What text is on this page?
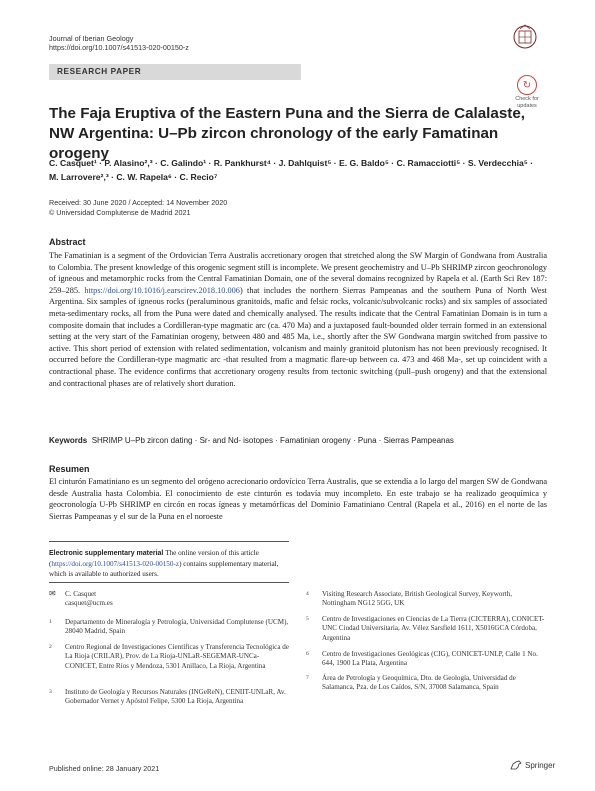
Journal of Iberian Geology
https://doi.org/10.1007/s41513-020-00150-z
↻
Check for
updates
RESEARCH PAPER
The Faja Eruptiva of the Eastern Puna and the Sierra de Calalaste, NW Argentina: U–Pb zircon chronology of the early Famatinan orogeny
C. Casquet¹ · P. Alasino²,³ · C. Galindo¹ · R. Pankhurst⁴ · J. Dahlquist⁵ · E. G. Baldo⁵ · C. Ramacciotti⁵ · S. Verdecchia⁵ ·
M. Larrovere²,³ · C. W. Rapela⁶ · C. Recio⁷
Received: 30 June 2020 / Accepted: 14 November 2020
© Universidad Complutense de Madrid 2021
Abstract
The Famatinian is a segment of the Ordovician Terra Australis accretionary orogen that stretched along the SW Margin of Gondwana from Australia to Colombia. The present knowledge of this orogenic segment still is incomplete. We present geochemistry and U–Pb SHRIMP zircon geochronology of igneous and metamorphic rocks from the Central Famatinian Domain, one of the several domains recognized by Rapela et al. (Earth Sci Rev 187: 259–285. https://doi.org/10.1016/j.earscirev.2018.10.006) that includes the northern Sierras Pampeanas and the southern Puna of North West Argentina. Six samples of igneous rocks (peraluminous granitoids, mafic and felsic rocks, volcanic/subvolcanic rocks) and six samples of associated meta-sedimentary rocks, all from the Puna were dated and chemically analysed. The results indicate that the Central Famatinian Domain is in turn a composite domain that includes a Cordilleran-type magmatic arc (ca. 470 Ma) and a juxtaposed fault-bounded older terrain formed in an extensional setting at the very start of the Famatinian orogeny, between 480 and 485 Ma, i.e., shortly after the SW Gondwana margin switched from passive to active. This short period of extension with related sedimentation, volcanism and mainly granitoid plutonism has not been previously recognised. It occurred before the Cordilleran-type magmatic arc -that resulted from a magmatic flare-up between ca. 473 and 468 Ma-, set up coincident with a contractional phase. The evidence confirms that accretionary orogeny results from tectonic switching (pull–push orogeny) and that the extensional and contractional phases are of relatively short duration.
Keywords SHRIMP U–Pb zircon dating · Sr- and Nd- isotopes · Famatinian orogeny · Puna · Sierras Pampeanas
Resumen
El cinturón Famatiniano es un segmento del orógeno acrecionario ordovícico Terra Australis, que se extendía a lo largo del margen SW de Gondwana desde Australia hasta Colombia. El conocimiento de este cinturón es todavía muy incompleto. En este trabajo se ha realizado geoquímica y geocronología U-Pb SHRIMP en circón en rocas ígneas y metamórficas del Dominio Famatiniano Central (Rapela et al., 2016) en el norte de las Sierras Pampeanas y el sur de la Puna en el noroeste
Electronic supplementary material The online version of this article (https://doi.org/10.1007/s41513-020-00150-z) contains supplementary material, which is available to authorized users.
✉ C. Casquet
casquet@ucm.es
1 Departamento de Mineralogía y Petrología, Universidad Complutense (UCM), 28040 Madrid, Spain
2 Centro Regional de Investigaciones Científicas y Transferencia Tecnológica de La Rioja (CRILAR), Prov. de La Rioja-UNLaR-SEGEMAR-UNCa-CONICET, Entre Ríos y Mendoza, 5301 Anillaco, La Rioja, Argentina
3 Instituto de Geología y Recursos Naturales (INGeReN), CENIIT-UNLaR, Av. Gobernador Vernet y Apóstol Felipe, 5300 La Rioja, Argentina
4 Visiting Research Associate, British Geological Survey, Keyworth, Nottingham NG12 5GG, UK
5 Centro de Investigaciones en Ciencias de La Tierra (CICTERRA), CONICET-UNC Ciudad Universitaria, Av. Vélez Sarsfield 1611, X5016GCA Córdoba, Argentina
6 Centro de Investigaciones Geológicas (CIG), CONICET-UNLP, Calle 1 No. 644, 1900 La Plata, Argentina
7 Área de Petrología y Geoquímica, Dto. de Geología, Universidad de Salamanca, Pza. de Los Caídos, S/N, 37008 Salamanca, Spain
Published online: 28 January 2021	Springer
